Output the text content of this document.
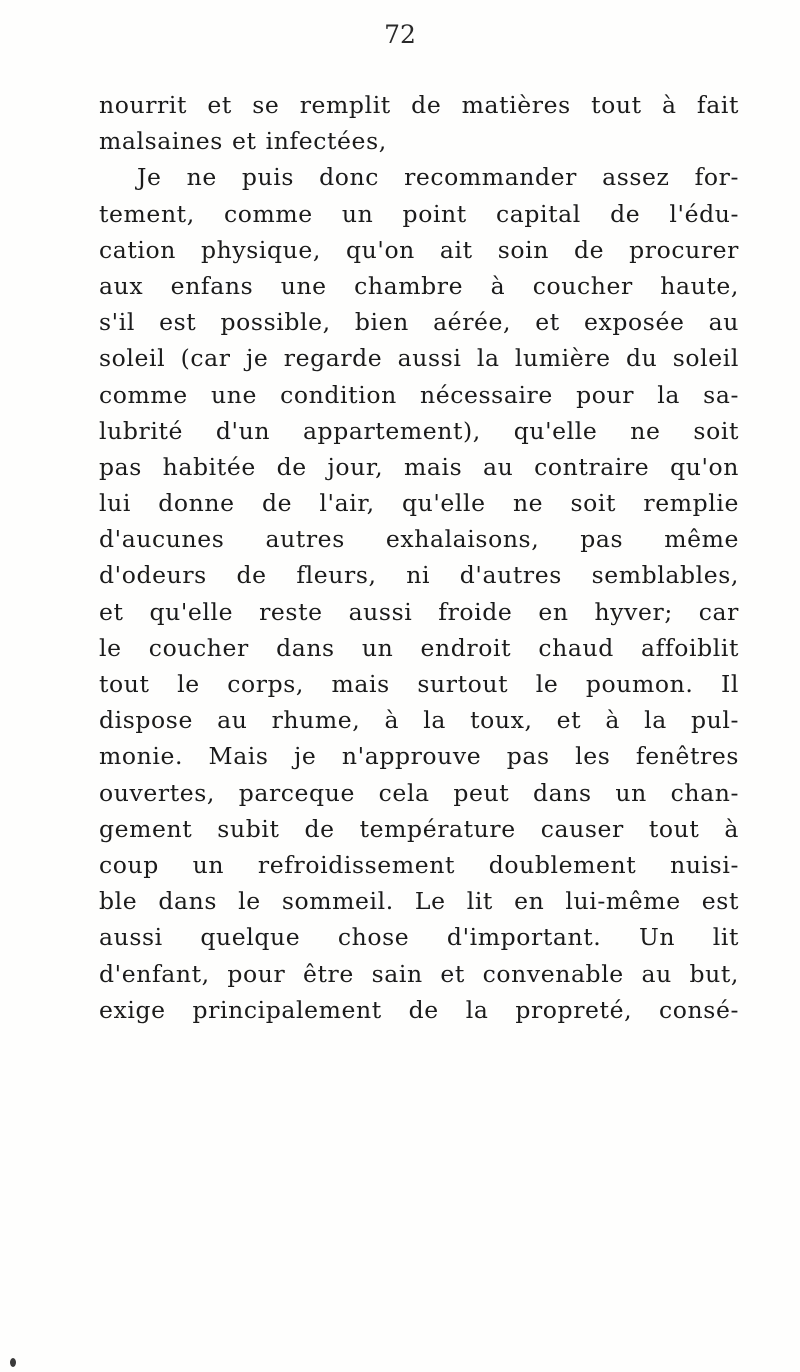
72
nourrit et se remplit de matières tout à fait
malsaines et infectées,
Je ne puis donc recommander assez for-
tement, comme un point capital de l'édu-
cation physique, qu'on ait soin de procurer
aux enfans une chambre à coucher haute,
s'il est possible, bien aérée, et exposée au
soleil (car je regarde aussi la lumière du soleil
comme une condition nécessaire pour la sa-
lubrité d'un appartement), qu'elle ne soit
pas habitée de jour, mais au contraire qu'on
lui donne de l'air, qu'elle ne soit remplie
d'aucunes autres exhalaisons, pas même
d'odeurs de fleurs, ni d'autres semblables,
et qu'elle reste aussi froide en hyver; car
le coucher dans un endroit chaud affoiblit
tout le corps, mais surtout le poumon. Il
dispose au rhume, à la toux, et à la pul-
monie. Mais je n'approuve pas les fenêtres
ouvertes, parceque cela peut dans un chan-
gement subit de température causer tout à
coup un refroidissement doublement nuisi-
ble dans le sommeil. Le lit en lui-même est
aussi quelque chose d'important. Un lit
d'enfant, pour être sain et convenable au but,
exige principalement de la propreté, consé-
